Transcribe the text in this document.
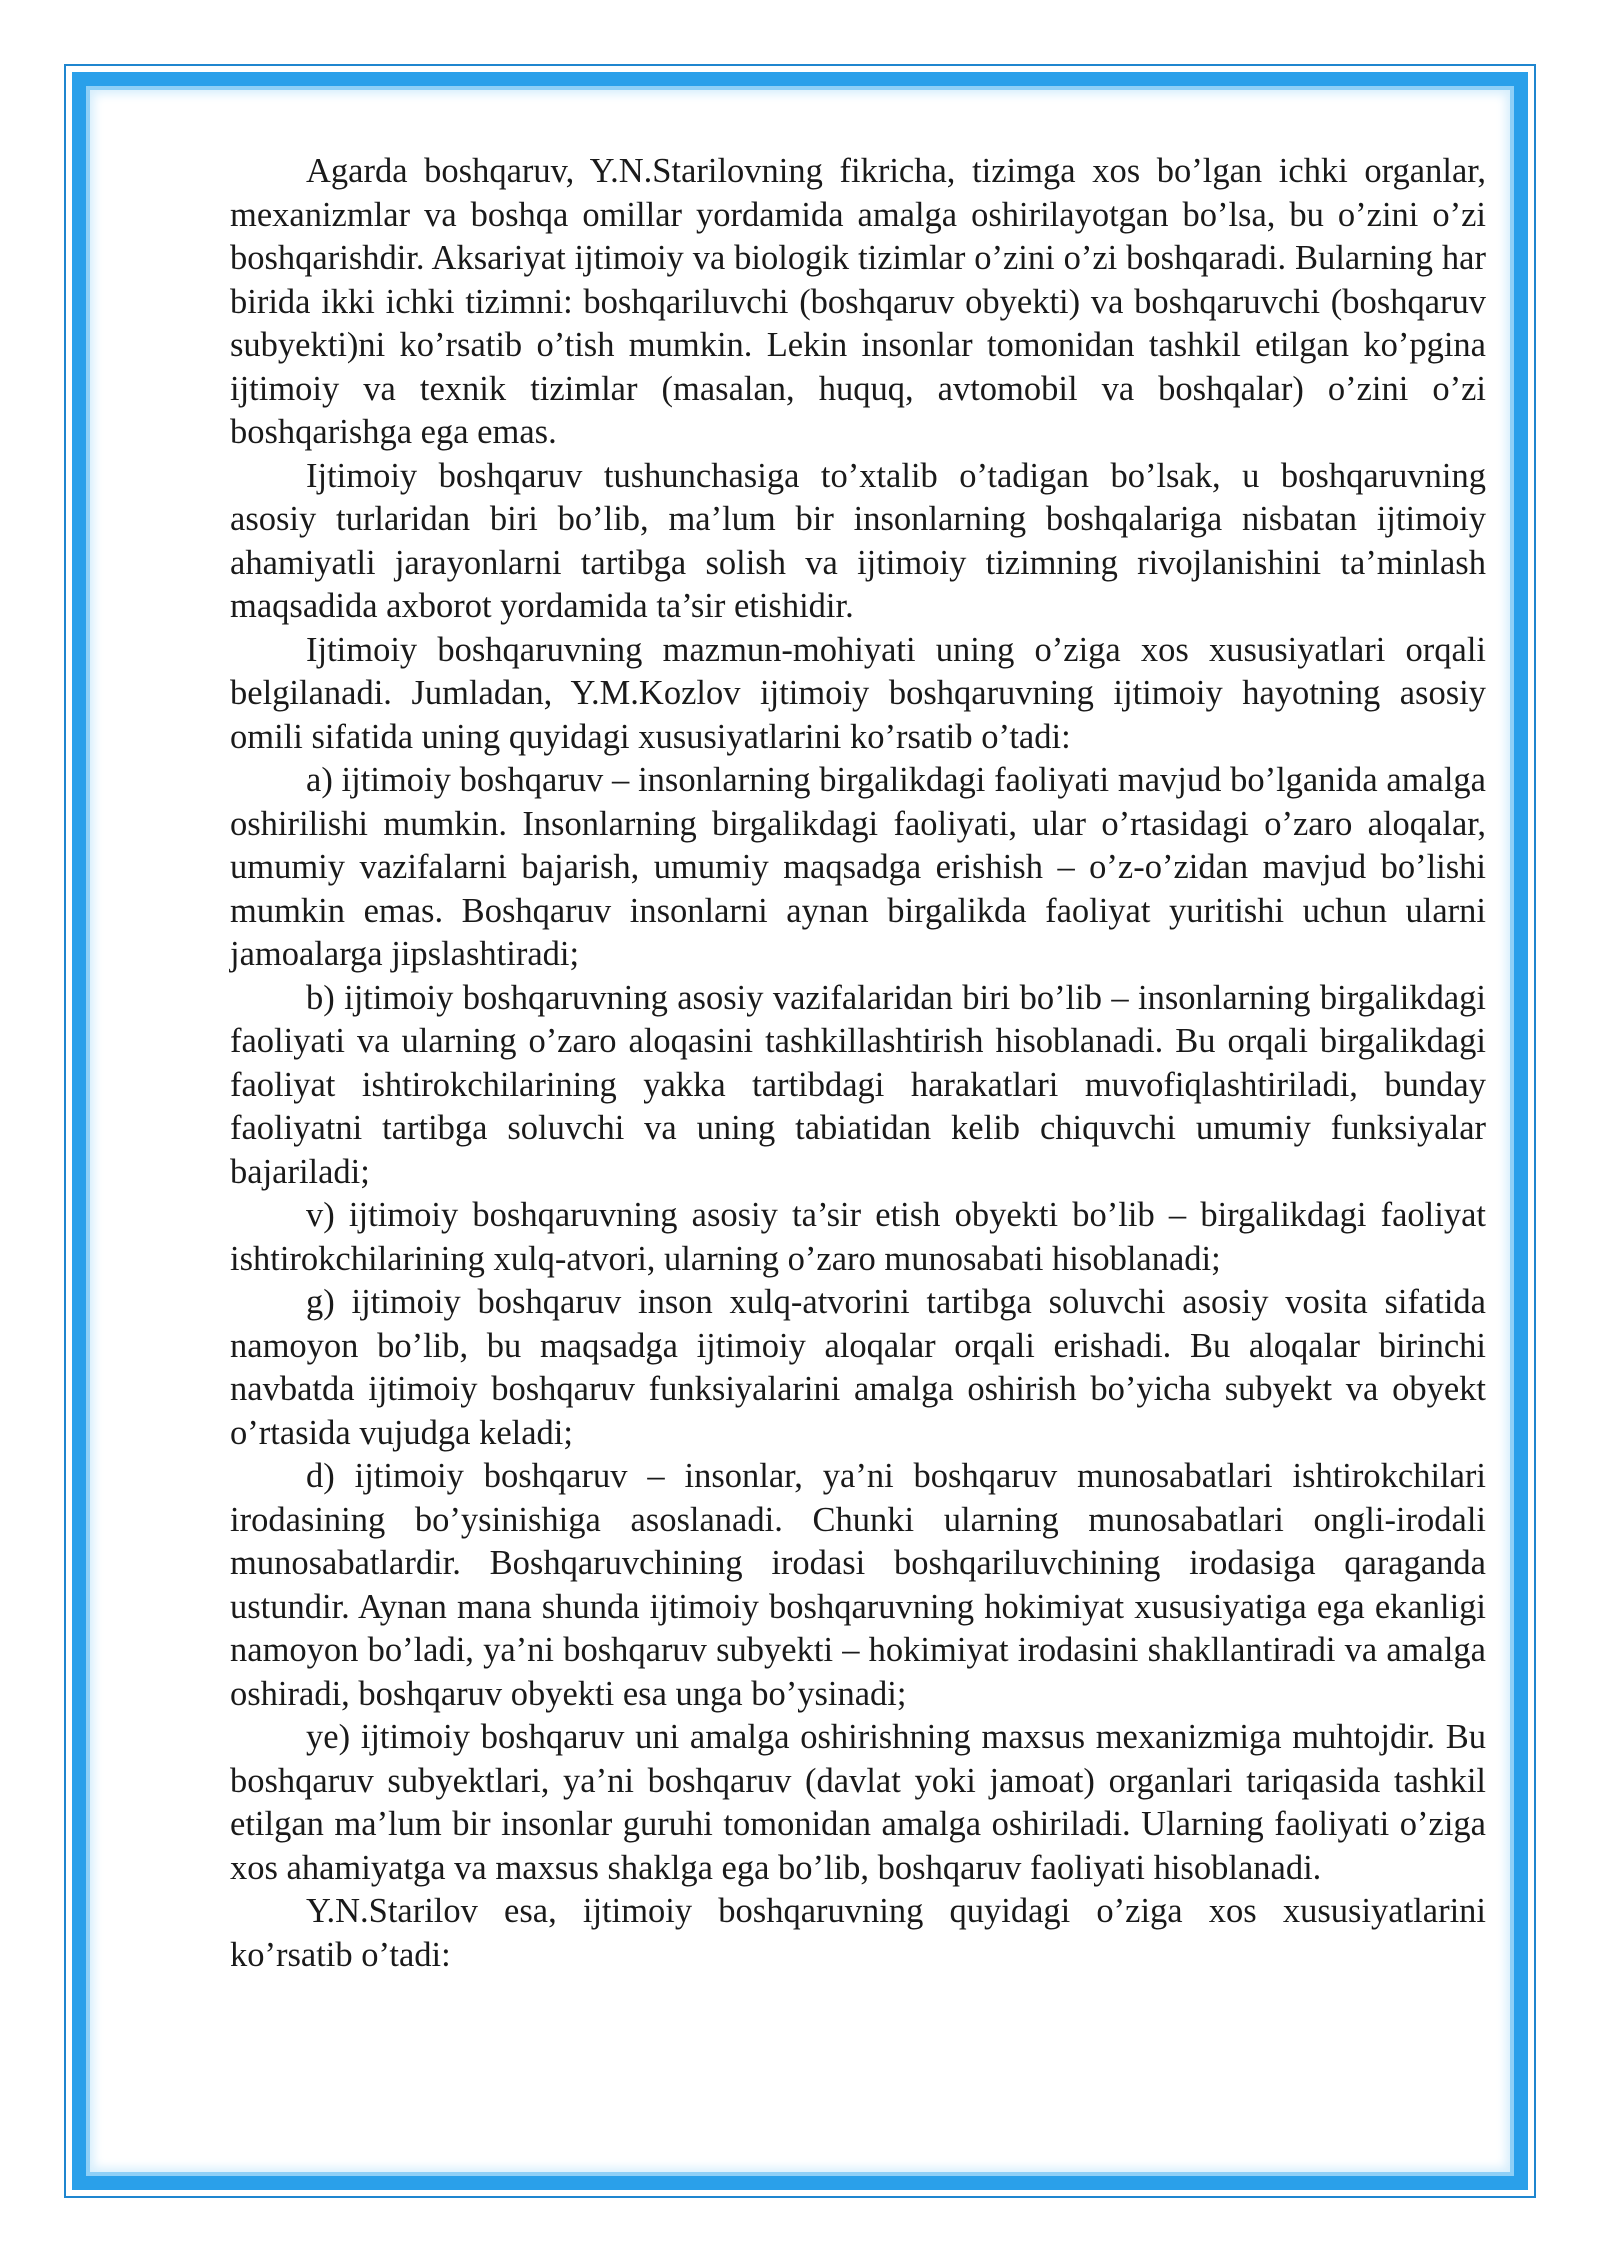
Agarda boshqaruv, Y.N.Starilovning fikricha, tizimga xos bo’lgan ichki organlar, mexanizmlar va boshqa omillar yordamida amalga oshirilayotgan bo’lsa, bu o’zini o’zi boshqarishdir. Aksariyat ijtimoiy va biologik tizimlar o’zini o’zi boshqaradi. Bularning har birida ikki ichki tizimni: boshqariluvchi (boshqaruv obyekti) va boshqaruvchi (boshqaruv subyekti)ni ko’rsatib o’tish mumkin. Lekin insonlar tomonidan tashkil etilgan ko’pgina ijtimoiy va texnik tizimlar (masalan, huquq, avtomobil va boshqalar) o’zini o’zi boshqarishga ega emas.

Ijtimoiy boshqaruv tushunchasiga to’xtalib o’tadigan bo’lsak, u boshqaruvning asosiy turlaridan biri bo’lib, ma’lum bir insonlarning boshqalariga nisbatan ijtimoiy ahamiyatli jarayonlarni tartibga solish va ijtimoiy tizimning rivojlanishini ta’minlash maqsadida axborot yordamida ta’sir etishidir.

Ijtimoiy boshqaruvning mazmun-mohiyati uning o’ziga xos xususiyatlari orqali belgilanadi. Jumladan, Y.M.Kozlov ijtimoiy boshqaruvning ijtimoiy hayotning asosiy omili sifatida uning quyidagi xususiyatlarini ko’rsatib o’tadi:

a) ijtimoiy boshqaruv – insonlarning birgalikdagi faoliyati mavjud bo’lganida amalga oshirilishi mumkin. Insonlarning birgalikdagi faoliyati, ular o’rtasidagi o’zaro aloqalar, umumiy vazifalarni bajarish, umumiy maqsadga erishish – o’z-o’zidan mavjud bo’lishi mumkin emas. Boshqaruv insonlarni aynan birgalikda faoliyat yuritishi uchun ularni jamoalarga jipslashtiradi;

b) ijtimoiy boshqaruvning asosiy vazifalaridan biri bo’lib – insonlarning birgalikdagi faoliyati va ularning o’zaro aloqasini tashkillashtirish hisoblanadi. Bu orqali birgalikdagi faoliyat ishtirokchilarining yakka tartibdagi harakatlari muvofiqlashtiriladi, bunday faoliyatni tartibga soluvchi va uning tabiatidan kelib chiquvchi umumiy funksiyalar bajariladi;

v) ijtimoiy boshqaruvning asosiy ta’sir etish obyekti bo’lib – birgalikdagi faoliyat ishtirokchilarining xulq-atvori, ularning o’zaro munosabati hisoblanadi;

g) ijtimoiy boshqaruv inson xulq-atvorini tartibga soluvchi asosiy vosita sifatida namoyon bo’lib, bu maqsadga ijtimoiy aloqalar orqali erishadi. Bu aloqalar birinchi navbatda ijtimoiy boshqaruv funksiyalarini amalga oshirish bo’yicha subyekt va obyekt o’rtasida vujudga keladi;

d) ijtimoiy boshqaruv – insonlar, ya’ni boshqaruv munosabatlari ishtirokchilari irodasining bo’ysinishiga asoslanadi. Chunki ularning munosabatlari ongli-irodali munosabatlardir. Boshqaruvchining irodasi boshqariluvchining irodasiga qaraganda ustundir. Aynan mana shunda ijtimoiy boshqaruvning hokimiyat xususiyatiga ega ekanligi namoyon bo’ladi, ya’ni boshqaruv subyekti – hokimiyat irodasini shakllantiradi va amalga oshiradi, boshqaruv obyekti esa unga bo’ysinadi;

ye) ijtimoiy boshqaruv uni amalga oshirishning maxsus mexanizmiga muhtojdir. Bu boshqaruv subyektlari, ya’ni boshqaruv (davlat yoki jamoat) organlari tariqasida tashkil etilgan ma’lum bir insonlar guruhi tomonidan amalga oshiriladi. Ularning faoliyati o’ziga xos ahamiyatga va maxsus shaklga ega bo’lib, boshqaruv faoliyati hisoblanadi.

Y.N.Starilov esa, ijtimoiy boshqaruvning quyidagi o’ziga xos xususiyatlarini ko’rsatib o’tadi:
